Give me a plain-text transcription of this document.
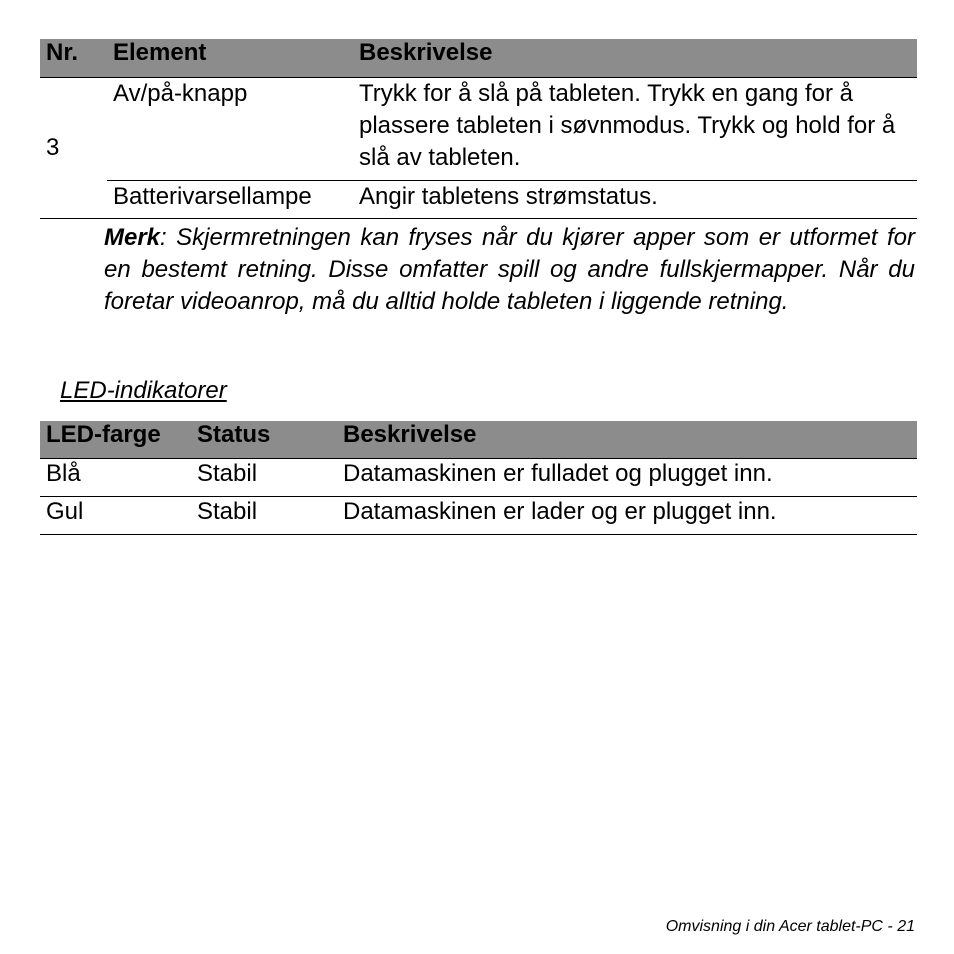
Nr.	Element	Beskrivelse
3	Av/på-knapp	Trykk for å slå på tableten. Trykk en gang for å plassere tableten i søvnmodus. Trykk og hold for å slå av tableten.
	Batterivarsellampe	Angir tabletens strømstatus.

Merk: Skjermretningen kan fryses når du kjører apper som er utformet for en bestemt retning. Disse omfatter spill og andre fullskjermapper. Når du foretar videoanrop, må du alltid holde tableten i liggende retning.

LED-indikatorer

LED-farge	Status	Beskrivelse
Blå	Stabil	Datamaskinen er fulladet og plugget inn.
Gul	Stabil	Datamaskinen er lader og er plugget inn.

Omvisning i din Acer tablet-PC - 21
